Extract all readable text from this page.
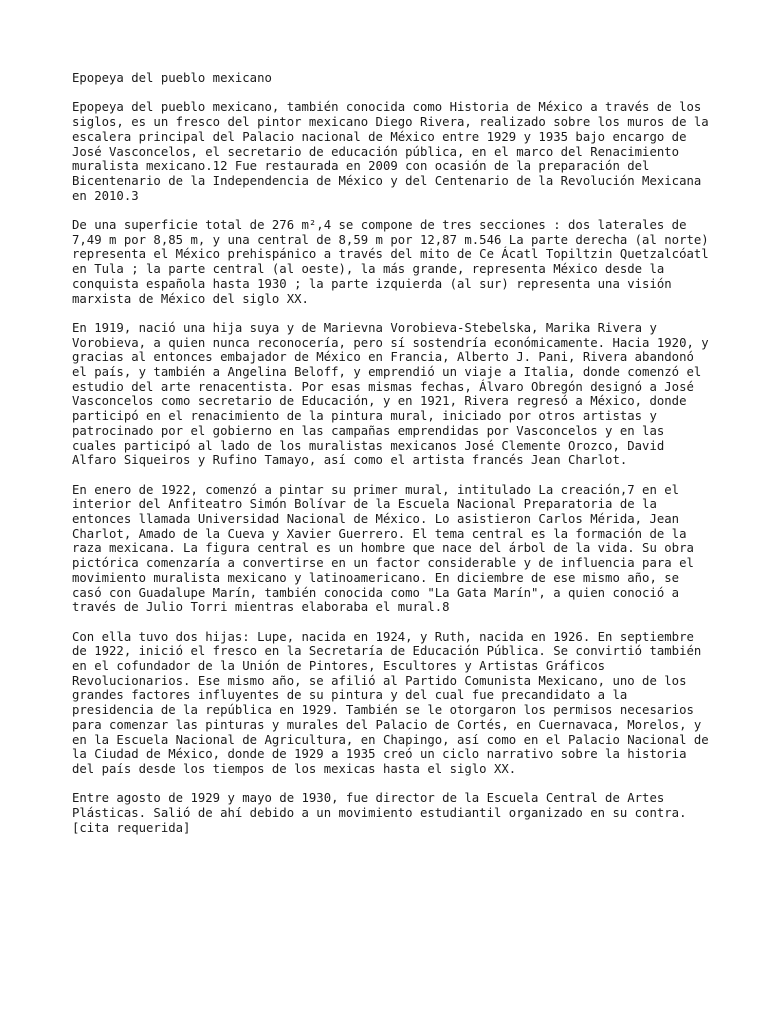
Epopeya del pueblo mexicano

Epopeya del pueblo mexicano, también conocida como Historia de México a través de los siglos, es un fresco del pintor mexicano Diego Rivera, realizado sobre los muros de la escalera principal del Palacio nacional de México entre 1929 y 1935 bajo encargo de José Vasconcelos, el secretario de educación pública, en el marco del Renacimiento muralista mexicano.12 Fue restaurada en 2009 con ocasión de la preparación del Bicentenario de la Independencia de México y del Centenario de la Revolución Mexicana en 2010.3

De una superficie total de 276 m²,4 se compone de tres secciones : dos laterales de 7,49 m por 8,85 m, y una central de 8,59 m por 12,87 m.546 La parte derecha (al norte) representa el México prehispánico a través del mito de Ce Ácatl Topiltzin Quetzalcóatl en Tula ; la parte central (al oeste), la más grande, representa México desde la conquista española hasta 1930 ; la parte izquierda (al sur) representa una visión marxista de México del siglo XX.

En 1919, nació una hija suya y de Marievna Vorobieva-Stebelska, Marika Rivera y Vorobieva, a quien nunca reconocería, pero sí sostendría económicamente. Hacia 1920, y gracias al entonces embajador de México en Francia, Alberto J. Pani, Rivera abandonó el país, y también a Angelina Beloff, y emprendió un viaje a Italia, donde comenzó el estudio del arte renacentista. Por esas mismas fechas, Álvaro Obregón designó a José Vasconcelos como secretario de Educación, y en 1921, Rivera regresó a México, donde participó en el renacimiento de la pintura mural, iniciado por otros artistas y patrocinado por el gobierno en las campañas emprendidas por Vasconcelos y en las cuales participó al lado de los muralistas mexicanos José Clemente Orozco, David Alfaro Siqueiros y Rufino Tamayo, así como el artista francés Jean Charlot.

En enero de 1922, comenzó a pintar su primer mural, intitulado La creación,7 en el interior del Anfiteatro Simón Bolívar de la Escuela Nacional Preparatoria de la entonces llamada Universidad Nacional de México. Lo asistieron Carlos Mérida, Jean Charlot, Amado de la Cueva y Xavier Guerrero. El tema central es la formación de la raza mexicana. La figura central es un hombre que nace del árbol de la vida. Su obra pictórica comenzaría a convertirse en un factor considerable y de influencia para el movimiento muralista mexicano y latinoamericano. En diciembre de ese mismo año, se casó con Guadalupe Marín, también conocida como "La Gata Marín", a quien conoció a través de Julio Torri mientras elaboraba el mural.8

Con ella tuvo dos hijas: Lupe, nacida en 1924, y Ruth, nacida en 1926. En septiembre de 1922, inició el fresco en la Secretaría de Educación Pública. Se convirtió también en el cofundador de la Unión de Pintores, Escultores y Artistas Gráficos Revolucionarios. Ese mismo año, se afilió al Partido Comunista Mexicano, uno de los grandes factores influyentes de su pintura y del cual fue precandidato a la presidencia de la república en 1929. También se le otorgaron los permisos necesarios para comenzar las pinturas y murales del Palacio de Cortés, en Cuernavaca, Morelos, y en la Escuela Nacional de Agricultura, en Chapingo, así como en el Palacio Nacional de la Ciudad de México, donde de 1929 a 1935 creó un ciclo narrativo sobre la historia del país desde los tiempos de los mexicas hasta el siglo XX.

Entre agosto de 1929 y mayo de 1930, fue director de la Escuela Central de Artes Plásticas. Salió de ahí debido a un movimiento estudiantil organizado en su contra.[cita requerida]
